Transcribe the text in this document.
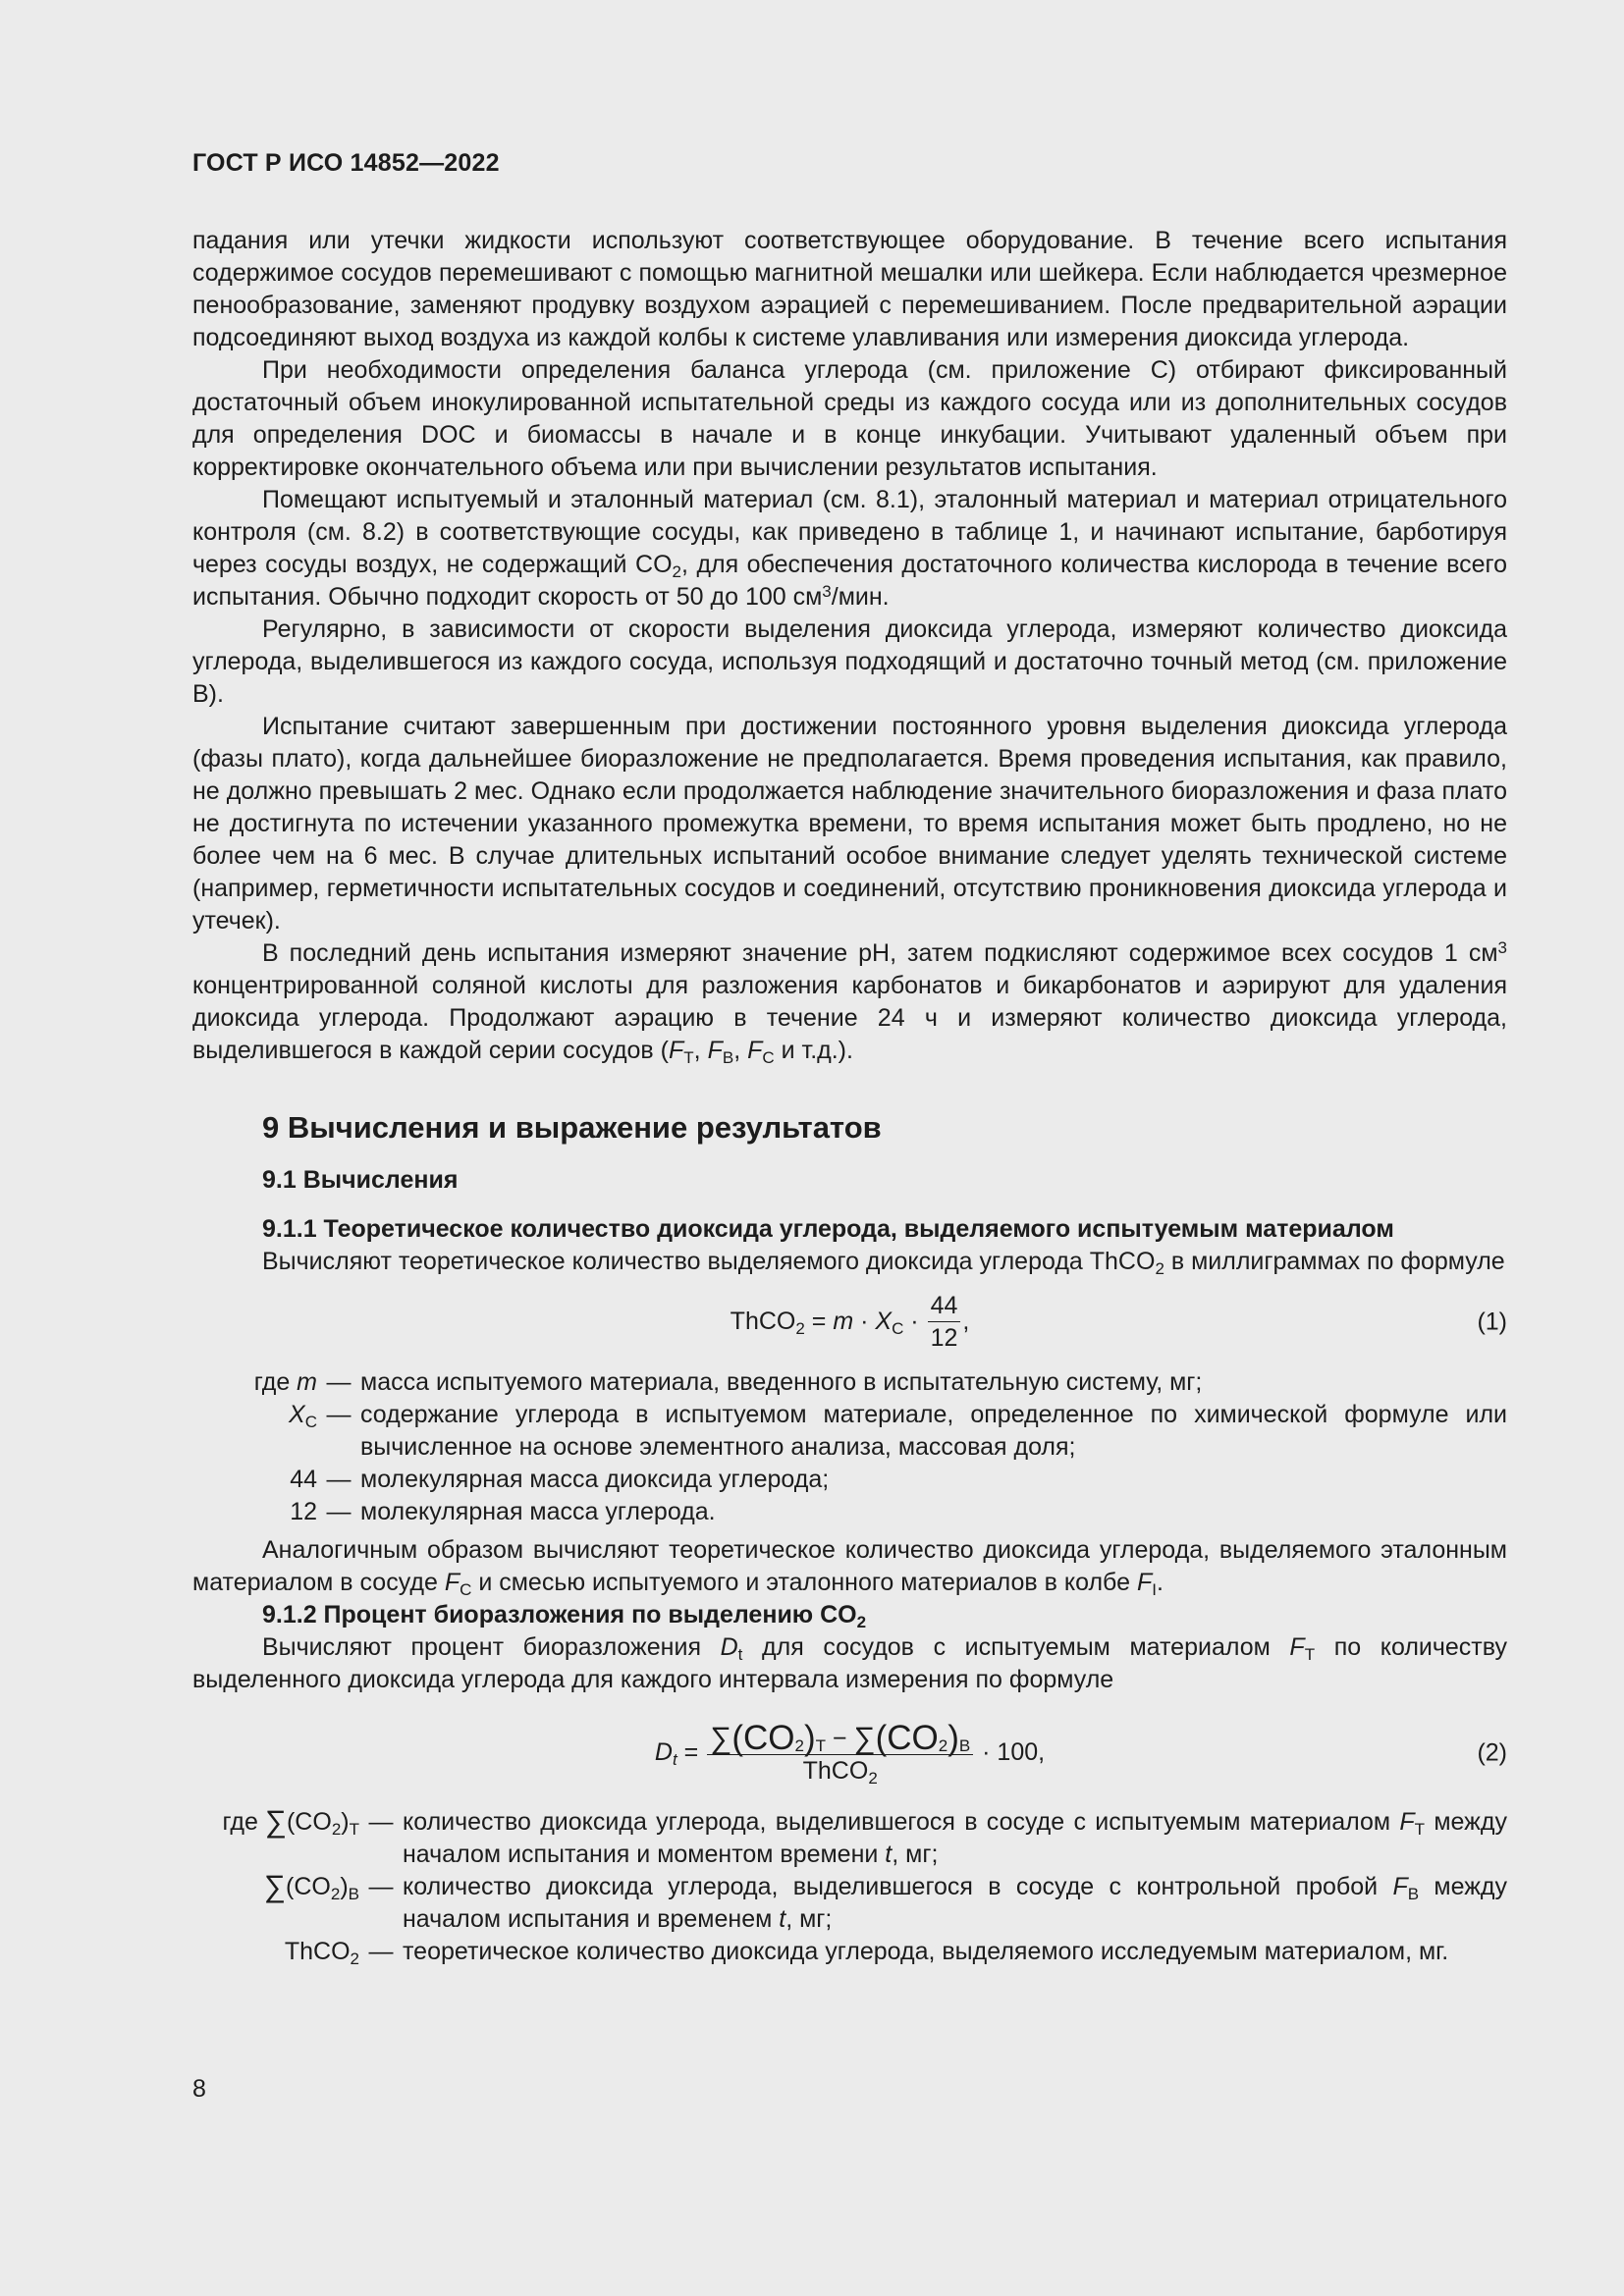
ГОСТ Р ИСО 14852—2022

падания или утечки жидкости используют соответствующее оборудование. В течение всего испытания содержимое сосудов перемешивают с помощью магнитной мешалки или шейкера. Если наблюдается чрезмерное пенообразование, заменяют продувку воздухом аэрацией с перемешиванием. После предварительной аэрации подсоединяют выход воздуха из каждой колбы к системе улавливания или измерения диоксида углерода.

При необходимости определения баланса углерода (см. приложение С) отбирают фиксированный достаточный объем инокулированной испытательной среды из каждого сосуда или из дополнительных сосудов для определения DOC и биомассы в начале и в конце инкубации. Учитывают удаленный объем при корректировке окончательного объема или при вычислении результатов испытания.

Помещают испытуемый и эталонный материал (см. 8.1), эталонный материал и материал отрицательного контроля (см. 8.2) в соответствующие сосуды, как приведено в таблице 1, и начинают испытание, барботируя через сосуды воздух, не содержащий $CO_2$, для обеспечения достаточного количества кислорода в течение всего испытания. Обычно подходит скорость от 50 до 100 $см^3$/мин.

Регулярно, в зависимости от скорости выделения диоксида углерода, измеряют количество диоксида углерода, выделившегося из каждого сосуда, используя подходящий и достаточно точный метод (см. приложение В).

Испытание считают завершенным при достижении постоянного уровня выделения диоксида углерода (фазы плато), когда дальнейшее биоразложение не предполагается. Время проведения испытания, как правило, не должно превышать 2 мес. Однако если продолжается наблюдение значительного биоразложения и фаза плато не достигнута по истечении указанного промежутка времени, то время испытания может быть продлено, но не более чем на 6 мес. В случае длительных испытаний особое внимание следует уделять технической системе (например, герметичности испытательных сосудов и соединений, отсутствию проникновения диоксида углерода и утечек).

В последний день испытания измеряют значение pH, затем подкисляют содержимое всех сосудов 1 $см^3$ концентрированной соляной кислоты для разложения карбонатов и бикарбонатов и аэрируют для удаления диоксида углерода. Продолжают аэрацию в течение 24 ч и измеряют количество диоксида углерода, выделившегося в каждой серии сосудов ($F_T$, $F_B$, $F_C$ и т.д.).

9 Вычисления и выражение результатов
9.1 Вычисления
9.1.1 Теоретическое количество диоксида углерода, выделяемого испытуемым материалом

Вычисляют теоретическое количество выделяемого диоксида углерода ThCO$_2$ в миллиграммах по формуле

ThCO$_2$ = $m \cdot X_C \cdot \frac{44}{12}$ ,	(1)
где m — масса испытуемого материала, введенного в испытательную систему, мг;
$X_C$ — содержание углерода в испытуемом материале, определенное по химической формуле или вычисленное на основе элементного анализа, массовая доля;
44 — молекулярная масса диоксида углерода;
12 — молекулярная масса углерода.

Аналогичным образом вычисляют теоретическое количество диоксида углерода, выделяемого эталонным материалом в сосуде $F_C$ и смесью испытуемого и эталонного материалов в колбе $F_I$.

9.1.2 Процент биоразложения по выделению $CO_2$

Вычисляют процент биоразложения $D_t$ для сосудов с испытуемым материалом $F_T$ по количеству выделенного диоксида углерода для каждого интервала измерения по формуле

$D_t = \frac{\sum(CO_2)_T - \sum(CO_2)_B}{ThCO_2} \cdot 100$,	(2)
где $\sum(CO_2)_T$ — количество диоксида углерода, выделившегося в сосуде с испытуемым материалом $F_T$ между началом испытания и моментом времени t, мг;
$\sum(CO_2)_B$ — количество диоксида углерода, выделившегося в сосуде с контрольной пробой $F_B$ между началом испытания и временем t, мг;
ThCO$_2$ — теоретическое количество диоксида углерода, выделяемого исследуемым материалом, мг.
8
